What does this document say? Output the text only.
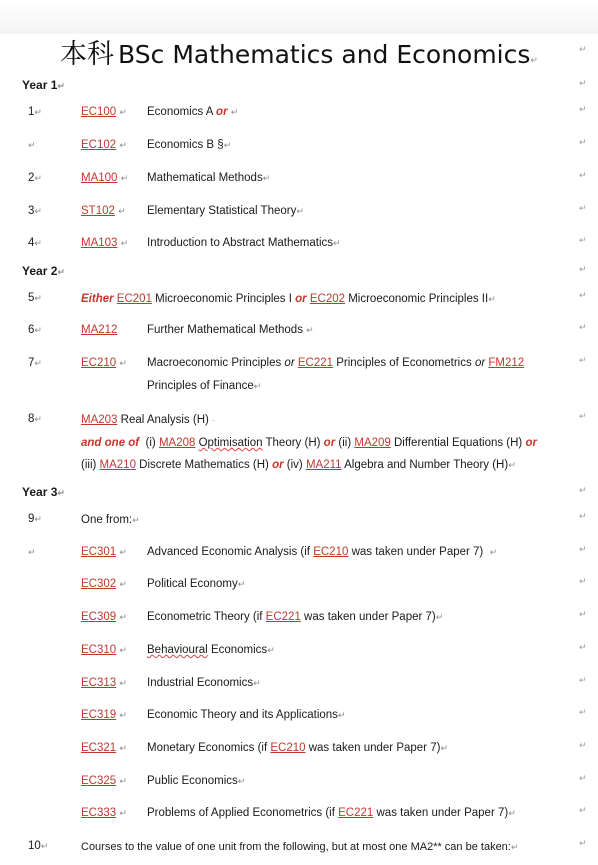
本科 BSc Mathematics and Economics↵
Year 1↵
1↵	EC100 ↵ Economics A or ↵
↵	EC102 ↵ Economics B §↵
2↵	MA100 ↵ Mathematical Methods↵
3↵	ST102 ↵ Elementary Statistical Theory↵
4↵	MA103 ↵ Introduction to Abstract Mathematics↵
Year 2↵
5↵	Either EC201 Microeconomic Principles I or EC202 Microeconomic Principles II↵
6↵	MA212	Further Mathematical Methods ↵
7↵	EC210 ↵ Macroeconomic Principles or EC221 Principles of Econometrics or FM212
Principles of Finance↵
8↵	MA203 Real Analysis (H) ·
and one of (i) MA208 Optimisation Theory (H) or (ii) MA209 Differential Equations (H) or
(iii) MA210 Discrete Mathematics (H) or (iv) MA211 Algebra and Number Theory (H)↵
Year 3↵
9↵	One from:↵
↵	EC301 ↵ Advanced Economic Analysis (if EC210 was taken under Paper 7) ↵
EC302 ↵ Political Economy↵
EC309 ↵ Econometric Theory (if EC221 was taken under Paper 7)↵
EC310 ↵ Behavioural Economics↵
EC313 ↵ Industrial Economics↵
EC319 ↵ Economic Theory and its Applications↵
EC321 ↵ Monetary Economics (if EC210 was taken under Paper 7)↵
EC325 ↵ Public Economics↵
EC333 ↵ Problems of Applied Econometrics (if EC221 was taken under Paper 7)↵
10↵	Courses to the value of one unit from the following, but at most one MA2** can be taken:↵
↵
↵
↵
↵
↵
↵
↵
↵
↵
↵
↵
↵
↵
↵
↵
↵
↵
↵
↵
↵
↵
↵
↵
↵
